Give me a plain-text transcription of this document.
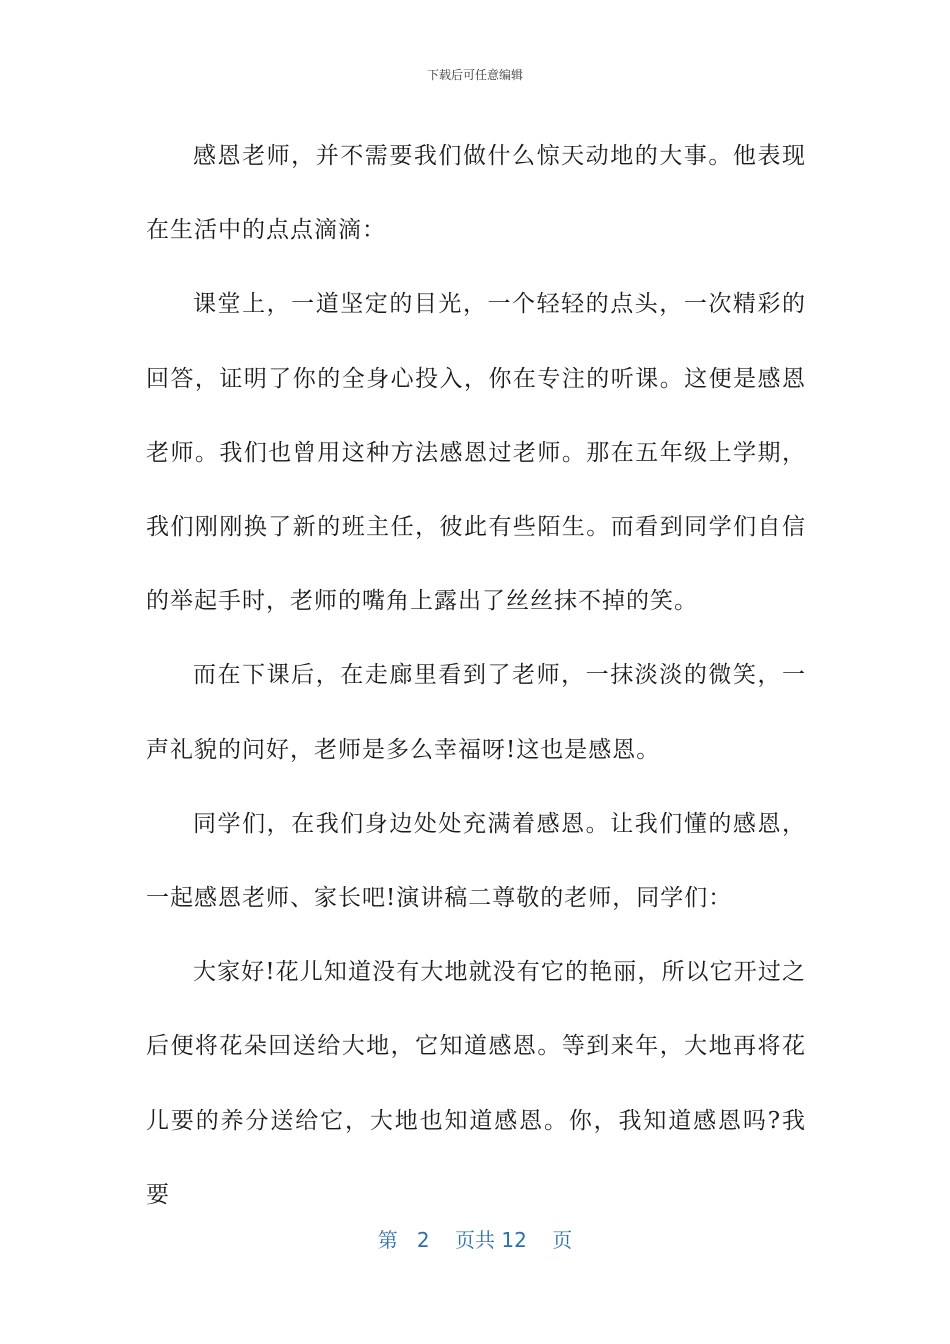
下载后可任意编辑

感恩老师，并不需要我们做什么惊天动地的大事。他表现在生活中的点点滴滴：

课堂上，一道坚定的目光，一个轻轻的点头，一次精彩的回答，证明了你的全身心投入，你在专注的听课。这便是感恩老师。我们也曾用这种方法感恩过老师。那在五年级上学期，我们刚刚换了新的班主任，彼此有些陌生。而看到同学们自信的举起手时，老师的嘴角上露出了丝丝抹不掉的笑。

而在下课后，在走廊里看到了老师，一抹淡淡的微笑，一声礼貌的问好，老师是多么幸福呀!这也是感恩。

同学们，在我们身边处处充满着感恩。让我们懂的感恩，一起感恩老师、家长吧!演讲稿二尊敬的老师，同学们：

大家好!花儿知道没有大地就没有它的艳丽，所以它开过之后便将花朵回送给大地，它知道感恩。等到来年，大地再将花儿要的养分送给它，大地也知道感恩。你，我知道感恩吗?我要

第 2 页共 12 页
